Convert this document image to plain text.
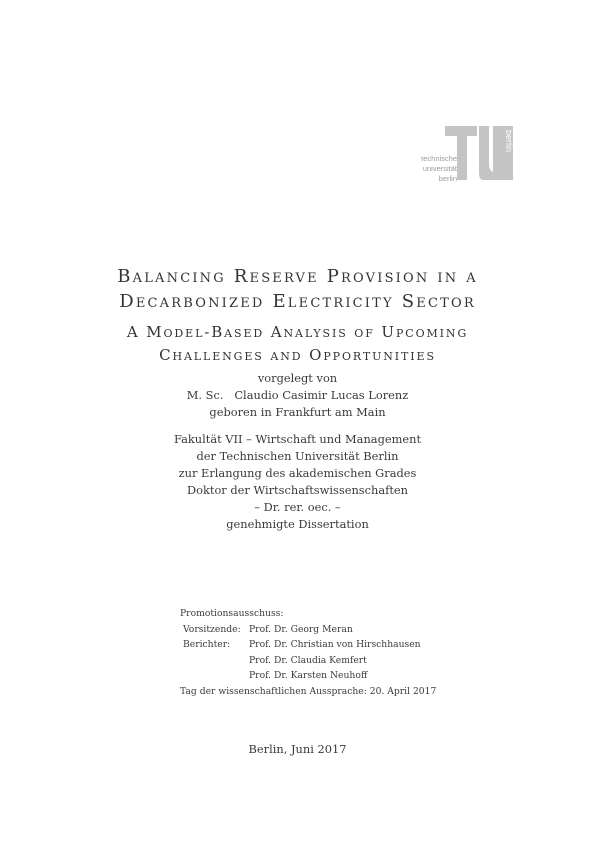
technische
universität
berlin
berlin
Balancing Reserve Provision in a
Decarbonized Electricity Sector
A Model-Based Analysis of Upcoming
Challenges and Opportunities
vorgelegt von
M. Sc.   Claudio Casimir Lucas Lorenz
geboren in Frankfurt am Main
Fakultät VII – Wirtschaft und Management
der Technischen Universität Berlin
zur Erlangung des akademischen Grades
Doktor der Wirtschaftswissenschaften
– Dr. rer. oec. –
genehmigte Dissertation
Promotionsausschuss:
Vorsitzende: Prof. Dr. Georg Meran
Berichter:	Prof. Dr. Christian von Hirschhausen
Prof. Dr. Claudia Kemfert
Prof. Dr. Karsten Neuhoff
Tag der wissenschaftlichen Aussprache: 20. April 2017
Berlin, Juni 2017
